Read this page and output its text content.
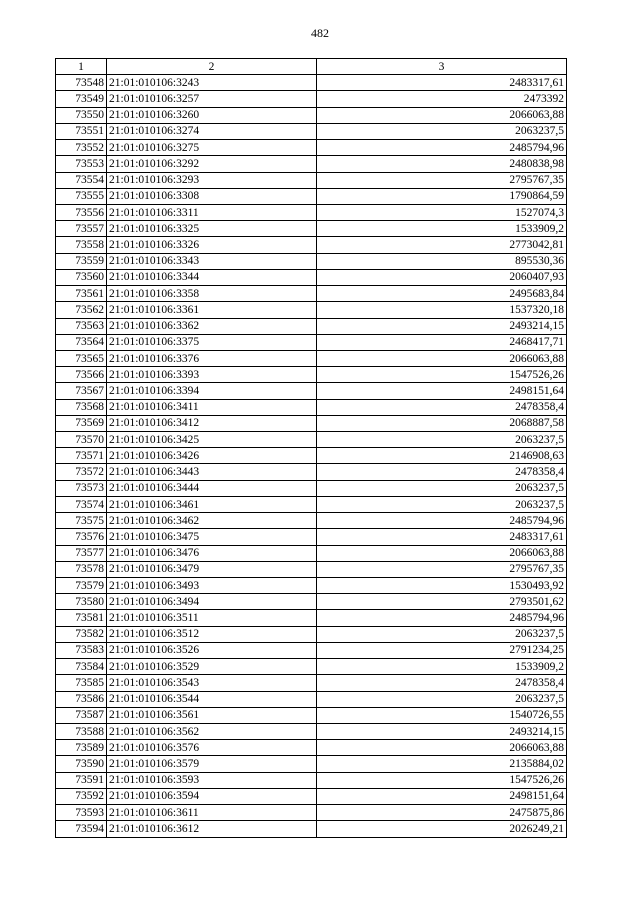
482
1	2	3
73548	21:01:010106:3243	2483317,61
73549	21:01:010106:3257	2473392
73550	21:01:010106:3260	2066063,88
73551	21:01:010106:3274	2063237,5
73552	21:01:010106:3275	2485794,96
73553	21:01:010106:3292	2480838,98
73554	21:01:010106:3293	2795767,35
73555	21:01:010106:3308	1790864,59
73556	21:01:010106:3311	1527074,3
73557	21:01:010106:3325	1533909,2
73558	21:01:010106:3326	2773042,81
73559	21:01:010106:3343	895530,36
73560	21:01:010106:3344	2060407,93
73561	21:01:010106:3358	2495683,84
73562	21:01:010106:3361	1537320,18
73563	21:01:010106:3362	2493214,15
73564	21:01:010106:3375	2468417,71
73565	21:01:010106:3376	2066063,88
73566	21:01:010106:3393	1547526,26
73567	21:01:010106:3394	2498151,64
73568	21:01:010106:3411	2478358,4
73569	21:01:010106:3412	2068887,58
73570	21:01:010106:3425	2063237,5
73571	21:01:010106:3426	2146908,63
73572	21:01:010106:3443	2478358,4
73573	21:01:010106:3444	2063237,5
73574	21:01:010106:3461	2063237,5
73575	21:01:010106:3462	2485794,96
73576	21:01:010106:3475	2483317,61
73577	21:01:010106:3476	2066063,88
73578	21:01:010106:3479	2795767,35
73579	21:01:010106:3493	1530493,92
73580	21:01:010106:3494	2793501,62
73581	21:01:010106:3511	2485794,96
73582	21:01:010106:3512	2063237,5
73583	21:01:010106:3526	2791234,25
73584	21:01:010106:3529	1533909,2
73585	21:01:010106:3543	2478358,4
73586	21:01:010106:3544	2063237,5
73587	21:01:010106:3561	1540726,55
73588	21:01:010106:3562	2493214,15
73589	21:01:010106:3576	2066063,88
73590	21:01:010106:3579	2135884,02
73591	21:01:010106:3593	1547526,26
73592	21:01:010106:3594	2498151,64
73593	21:01:010106:3611	2475875,86
73594	21:01:010106:3612	2026249,21
